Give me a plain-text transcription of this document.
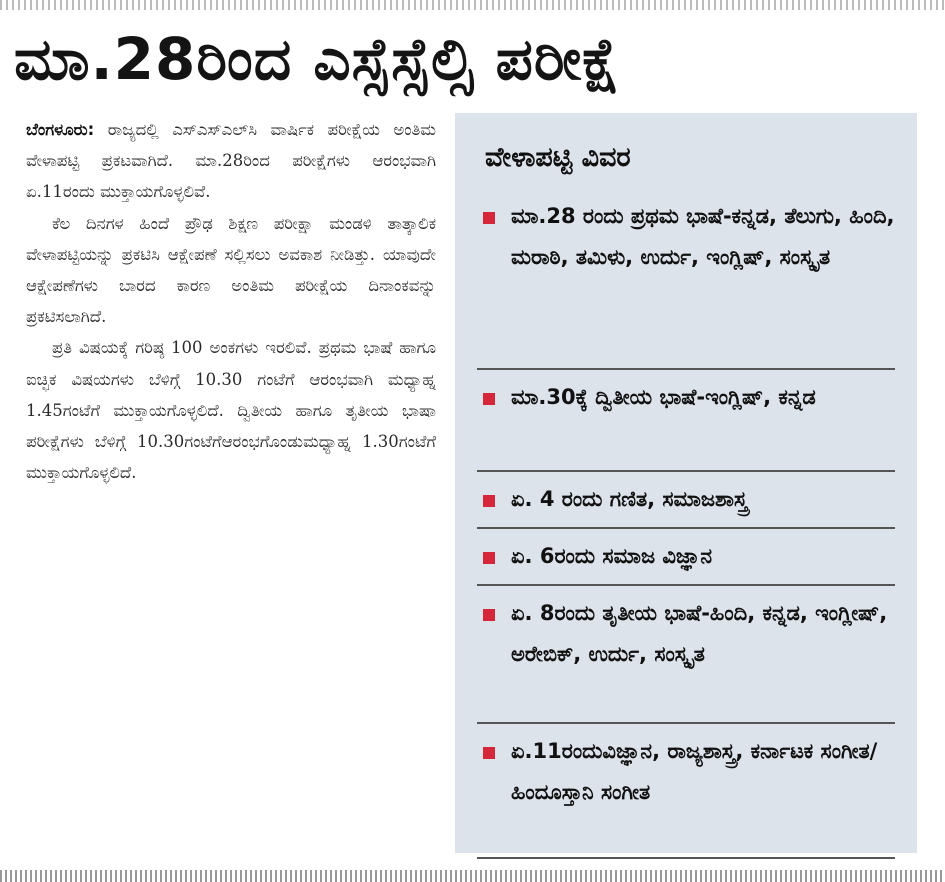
ಮಾ.28ರಿಂದ ಎಸ್ಸೆಸ್ಸೆಲ್ಸಿ ಪರೀಕ್ಷೆ

ಬೆಂಗಳೂರು: ರಾಜ್ಯದಲ್ಲಿ ಎಸ್‌ಎಸ್‌ಎಲ್‌ಸಿ ವಾರ್ಷಿಕ ಪರೀಕ್ಷೆಯ ಅಂತಿಮ ವೇಳಾಪಟ್ಟಿ ಪ್ರಕಟವಾಗಿದೆ. ಮಾ.28ರಿಂದ ಪರೀಕ್ಷೆಗಳು ಆರಂಭವಾಗಿ ಏ.11ರಂದು ಮುಕ್ತಾಯಗೊಳ್ಳಲಿವೆ.

ಕೆಲ ದಿನಗಳ ಹಿಂದೆ ಪ್ರೌಢ ಶಿಕ್ಷಣ ಪರೀಕ್ಷಾ ಮಂಡಳಿ ತಾತ್ಕಾಲಿಕ ವೇಳಾಪಟ್ಟಿಯನ್ನು ಪ್ರಕಟಿಸಿ ಆಕ್ಷೇಪಣೆ ಸಲ್ಲಿಸಲು ಅವಕಾಶ ನೀಡಿತ್ತು. ಯಾವುದೇ ಆಕ್ಷೇಪಣೆಗಳು ಬಾರದ ಕಾರಣ ಅಂತಿಮ ಪರೀಕ್ಷೆಯ ದಿನಾಂಕವನ್ನು ಪ್ರಕಟಿಸಲಾಗಿದೆ.

ಪ್ರತಿ ವಿಷಯಕ್ಕೆ ಗರಿಷ್ಠ 100 ಅಂಕಗಳು ಇರಲಿವೆ. ಪ್ರಥಮ ಭಾಷೆ ಹಾಗೂ ಐಚ್ಛಿಕ ವಿಷಯಗಳು ಬೆಳಿಗ್ಗೆ 10.30 ಗಂಟೆಗೆ ಆರಂಭವಾಗಿ ಮಧ್ಯಾಹ್ನ 1.45ಗಂಟೆಗೆ ಮುಕ್ತಾಯಗೊಳ್ಳಲಿದೆ. ದ್ವಿತೀಯ ಹಾಗೂ ತೃತೀಯ ಭಾಷಾ ಪರೀಕ್ಷೆಗಳು ಬೆಳಿಗ್ಗೆ 10.30ಗಂಟೆಗೆಆರಂಭಗೊಂಡುಮಧ್ಯಾಹ್ನ 1.30ಗಂಟೆಗೆ ಮುಕ್ತಾಯಗೊಳ್ಳಲಿದೆ.

ವೇಳಾಪಟ್ಟಿ ವಿವರ
ಮಾ.28 ರಂದು ಪ್ರಥಮ ಭಾಷೆ-ಕನ್ನಡ, ತೆಲುಗು, ಹಿಂದಿ, ಮರಾಠಿ, ತಮಿಳು, ಉರ್ದು, ಇಂಗ್ಲಿಷ್, ಸಂಸ್ಕೃತ
ಮಾ.30ಕ್ಕೆ ದ್ವಿತೀಯ ಭಾಷೆ-ಇಂಗ್ಲಿಷ್, ಕನ್ನಡ
ಏ. 4 ರಂದು ಗಣಿತ, ಸಮಾಜಶಾಸ್ತ್ರ
ಏ. 6ರಂದು ಸಮಾಜ ವಿಜ್ಞಾನ
ಏ. 8ರಂದು ತೃತೀಯ ಭಾಷೆ-ಹಿಂದಿ, ಕನ್ನಡ, ಇಂಗ್ಲೀಷ್, ಅರೇಬಿಕ್, ಉರ್ದು, ಸಂಸ್ಕೃತ
ಏ.11ರಂದುವಿಜ್ಞಾನ, ರಾಜ್ಯಶಾಸ್ತ್ರ, ಕರ್ನಾಟಕ ಸಂಗೀತ/ ಹಿಂದೂಸ್ತಾನಿ ಸಂಗೀತ
